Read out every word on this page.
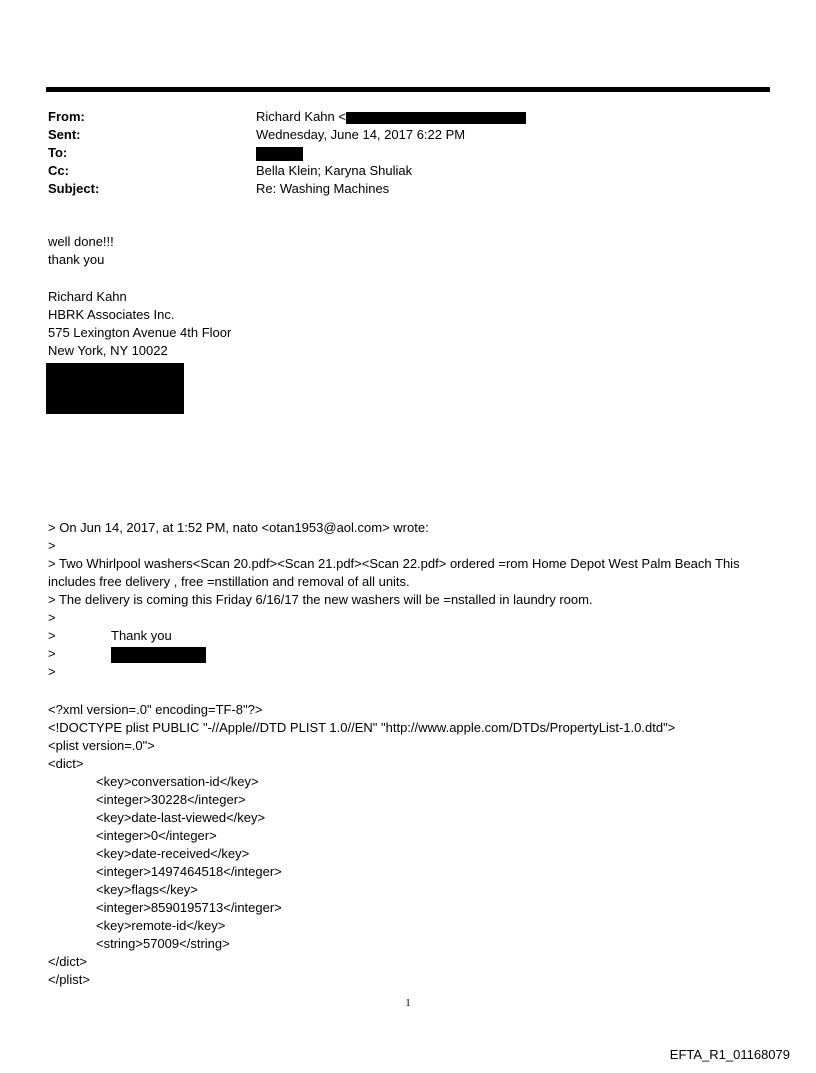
From:	Richard Kahn <
Sent:	Wednesday, June 14, 2017 6:22 PM
To:
Cc:	Bella Klein; Karyna Shuliak
Subject:	Re: Washing Machines
well done!!!
thank you
Richard Kahn
HBRK Associates Inc.
575 Lexington Avenue 4th Floor
New York, NY 10022
> On Jun 14, 2017, at 1:52 PM, nato <otan1953@aol.com> wrote:
>
> Two Whirlpool washers<Scan 20.pdf><Scan 21.pdf><Scan 22.pdf> ordered =rom Home Depot West Palm Beach This includes free delivery , free =nstillation and removal of all units.
> The delivery is coming this Friday 6/16/17 the new washers will be =nstalled in laundry room.
>
>	Thank you
>
>
<?xml version=.0" encoding=TF-8"?>
<!DOCTYPE plist PUBLIC "-//Apple//DTD PLIST 1.0//EN" "http://www.apple.com/DTDs/PropertyList-1.0.dtd">
<plist version=.0">
<dict>
<key>conversation-id</key>
<integer>30228</integer>
<key>date-last-viewed</key>
<integer>0</integer>
<key>date-received</key>
<integer>1497464518</integer>
<key>flags</key>
<integer>8590195713</integer>
<key>remote-id</key>
<string>57009</string>
</dict>
</plist>
1
EFTA_R1_01168079
